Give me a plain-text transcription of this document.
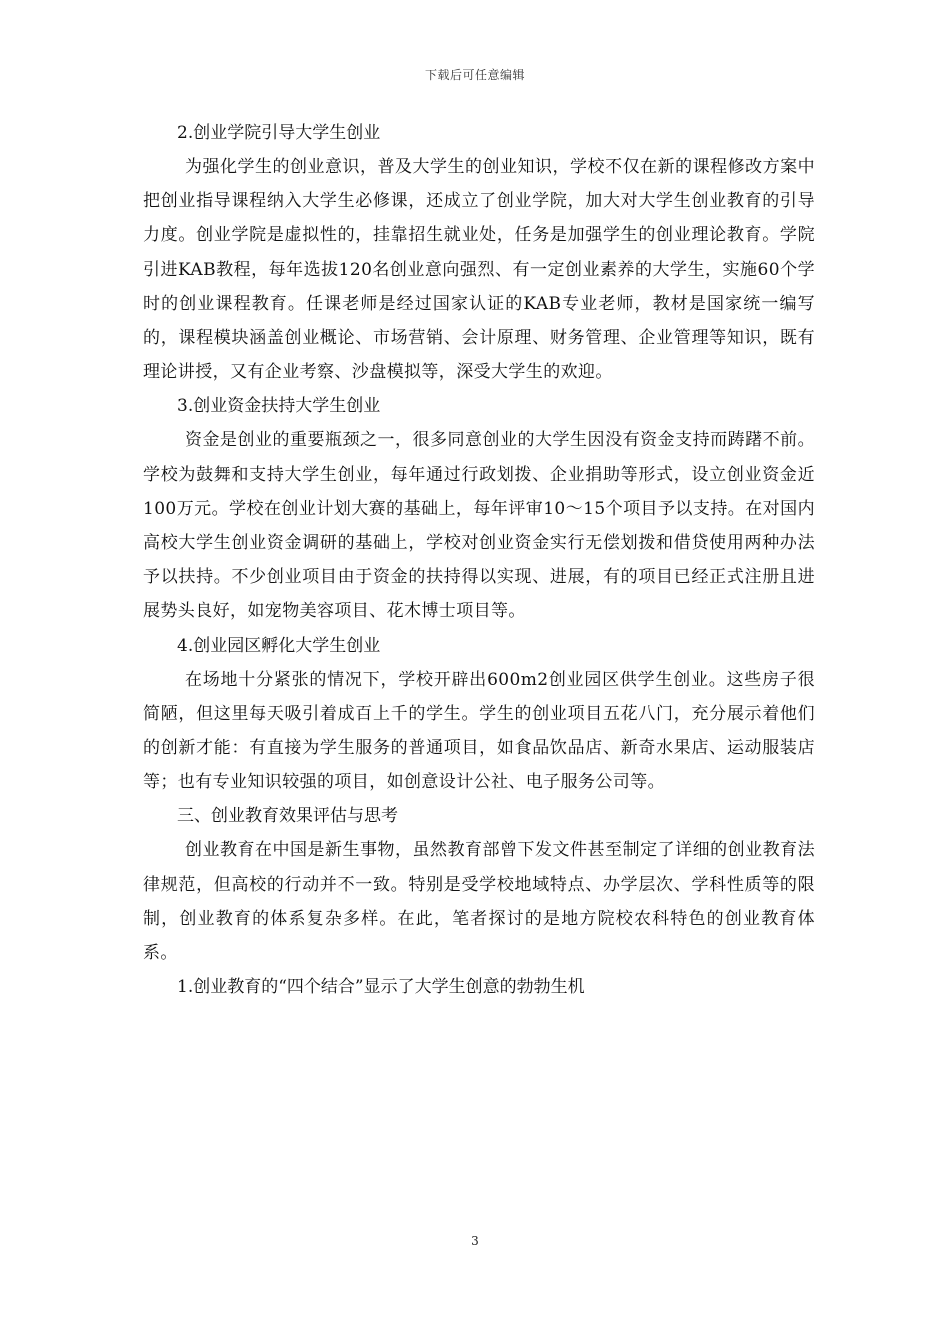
下载后可任意编辑

2.创业学院引导大学生创业

为强化学生的创业意识，普及大学生的创业知识，学校不仅在新的课程修改方案中把创业指导课程纳入大学生必修课，还成立了创业学院，加大对大学生创业教育的引导力度。创业学院是虚拟性的，挂靠招生就业处，任务是加强学生的创业理论教育。学院引进KAB教程，每年选拔120名创业意向强烈、有一定创业素养的大学生，实施60个学时的创业课程教育。任课老师是经过国家认证的KAB专业老师，教材是国家统一编写的，课程模块涵盖创业概论、市场营销、会计原理、财务管理、企业管理等知识，既有理论讲授，又有企业考察、沙盘模拟等，深受大学生的欢迎。

3.创业资金扶持大学生创业

资金是创业的重要瓶颈之一，很多同意创业的大学生因没有资金支持而踌躇不前。学校为鼓舞和支持大学生创业，每年通过行政划拨、企业捐助等形式，设立创业资金近100万元。学校在创业计划大赛的基础上，每年评审10～15个项目予以支持。在对国内高校大学生创业资金调研的基础上，学校对创业资金实行无偿划拨和借贷使用两种办法予以扶持。不少创业项目由于资金的扶持得以实现、进展，有的项目已经正式注册且进展势头良好，如宠物美容项目、花木博士项目等。

4.创业园区孵化大学生创业

在场地十分紧张的情况下，学校开辟出600m2创业园区供学生创业。这些房子很简陋，但这里每天吸引着成百上千的学生。学生的创业项目五花八门，充分展示着他们的创新才能：有直接为学生服务的普通项目，如食品饮品店、新奇水果店、运动服装店等；也有专业知识较强的项目，如创意设计公社、电子服务公司等。

三、创业教育效果评估与思考

创业教育在中国是新生事物，虽然教育部曾下发文件甚至制定了详细的创业教育法律规范，但高校的行动并不一致。特别是受学校地域特点、办学层次、学科性质等的限制，创业教育的体系复杂多样。在此，笔者探讨的是地方院校农科特色的创业教育体系。

1.创业教育的“四个结合”显示了大学生创意的勃勃生机

3
